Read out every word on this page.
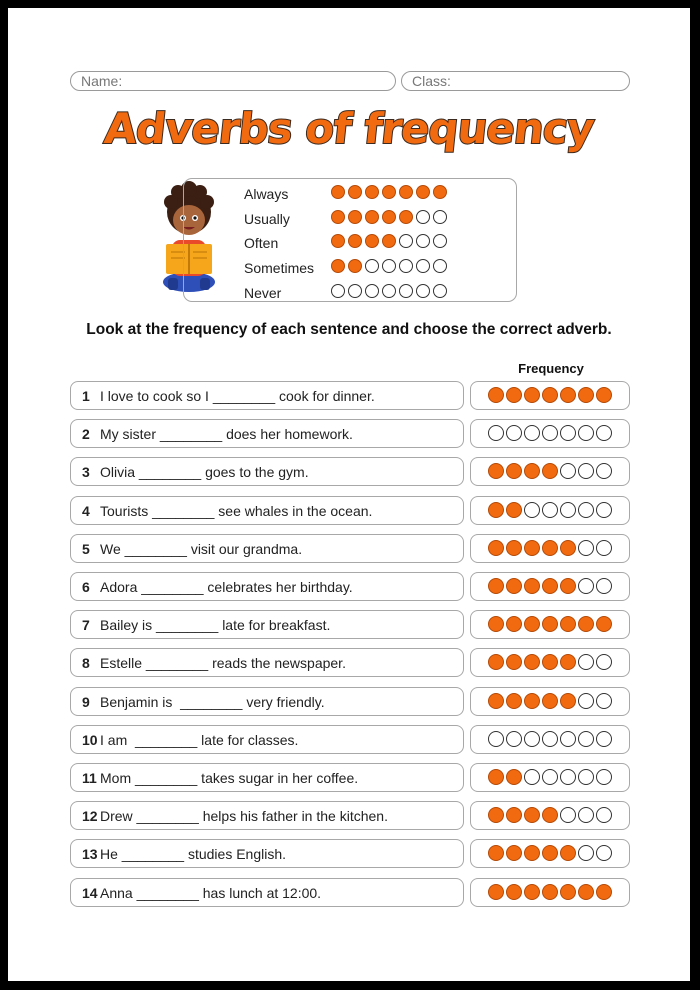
Name:	Class:
Adverbs of frequency
Always
Usually
Often
Sometimes
Never
Look at the frequency of each sentence and choose the correct adverb.
Frequency
1 I love to cook so I ________ cook for dinner.
2 My sister ________ does her homework.
3 Olivia ________ goes to the gym.
4 Tourists ________ see whales in the ocean.
5 We ________ visit our grandma.
6 Adora ________ celebrates her birthday.
7 Bailey is ________ late for breakfast.
8 Estelle ________ reads the newspaper.
9 Benjamin is  ________ very friendly.
10 I am  ________ late for classes.
11 Mom ________ takes sugar in her coffee.
12 Drew ________ helps his father in the kitchen.
13 He ________ studies English.
14 Anna ________ has lunch at 12:00.
